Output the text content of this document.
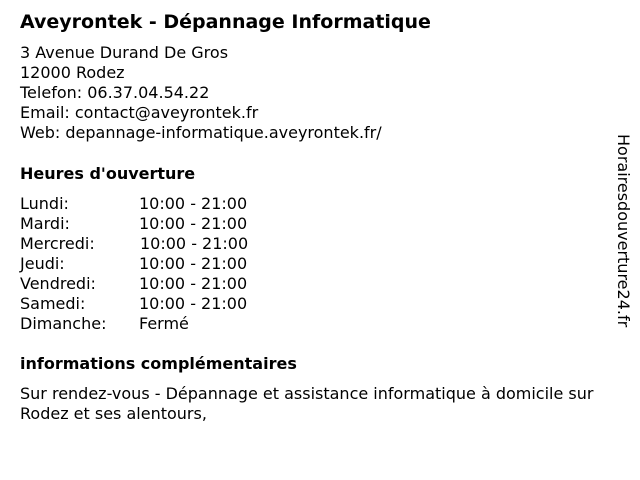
Aveyrontek - Dépannage Informatique
3 Avenue Durand De Gros
12000 Rodez
Telefon: 06.37.04.54.22
Email: contact@aveyrontek.fr
Web: depannage-informatique.aveyrontek.fr/
Heures d'ouverture
Lundi:	10:00 - 21:00
Mardi:	10:00 - 21:00
Mercredi:	10:00 - 21:00
Jeudi:	10:00 - 21:00
Vendredi:	10:00 - 21:00
Samedi:	10:00 - 21:00
Dimanche:	Fermé
informations complémentaires
Sur rendez-vous - Dépannage et assistance informatique à domicile sur Rodez et ses alentours,
Horairesdouverture24.fr
